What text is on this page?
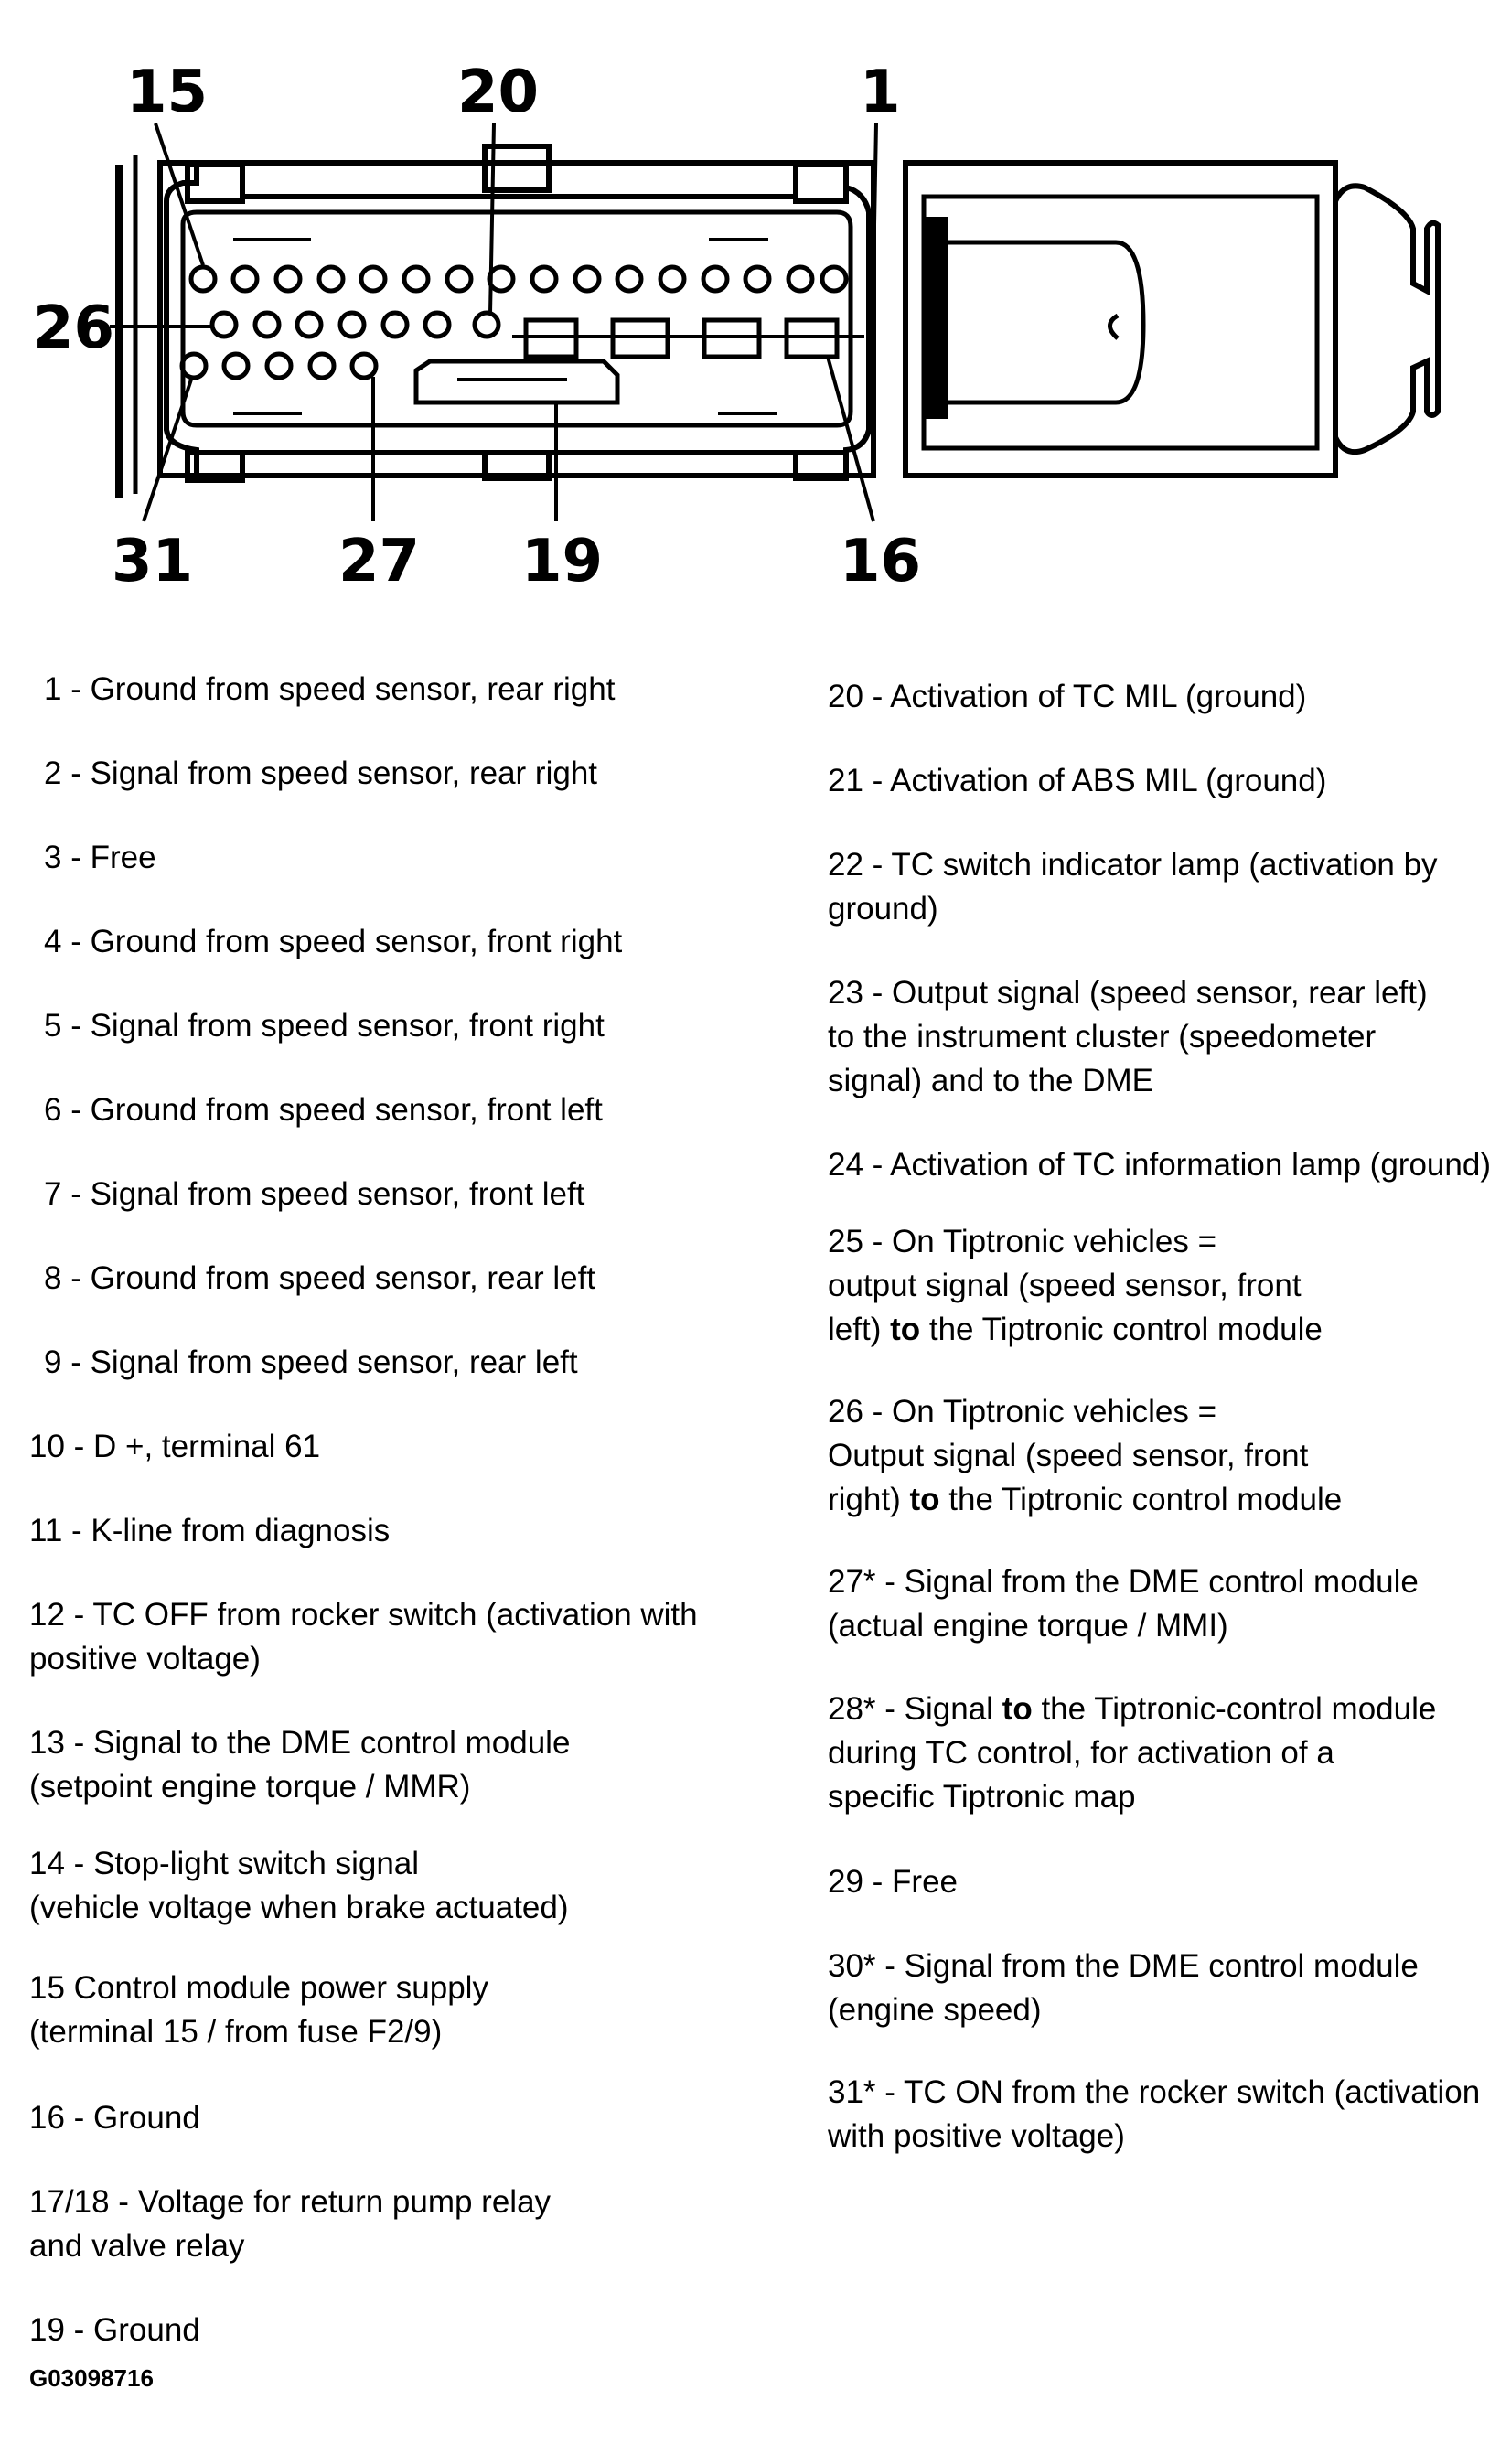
15	20	1
26
31 27 19	16

1 - Ground from speed sensor, rear right

2 - Signal from speed sensor, rear right

3 - Free

4 - Ground from speed sensor, front right

5 - Signal from speed sensor, front right

6 - Ground from speed sensor, front left

7 - Signal from speed sensor, front left

8 - Ground from speed sensor, rear left

9 - Signal from speed sensor, rear left

10 - D +, terminal 61

11 - K-line from diagnosis

12 - TC OFF from rocker switch (activation with
positive voltage)

13 - Signal to the DME control module
(setpoint engine torque / MMR)

14 - Stop-light switch signal
(vehicle voltage when brake actuated)

15 Control module power supply
(terminal 15 / from fuse F2/9)

16 - Ground

17/18 - Voltage for return pump relay
and valve relay

19 - Ground

20 - Activation of TC MIL (ground)

21 - Activation of ABS MIL (ground)

22 - TC switch indicator lamp (activation by
ground)

23 - Output signal (speed sensor, rear left)
to the instrument cluster (speedometer
signal) and to the DME

24 - Activation of TC information lamp (ground)

25 - On Tiptronic vehicles =
output signal (speed sensor, front
left) to the Tiptronic control module
26 - On Tiptronic vehicles =
Output signal (speed sensor, front
right) to the Tiptronic control module

27* - Signal from the DME control module
(actual engine torque / MMI)

28* - Signal to the Tiptronic-control module
during TC control, for activation of a
specific Tiptronic map

29 - Free

30* - Signal from the DME control module
(engine speed)

31* - TC ON from the rocker switch (activation
with positive voltage)

G03098716
